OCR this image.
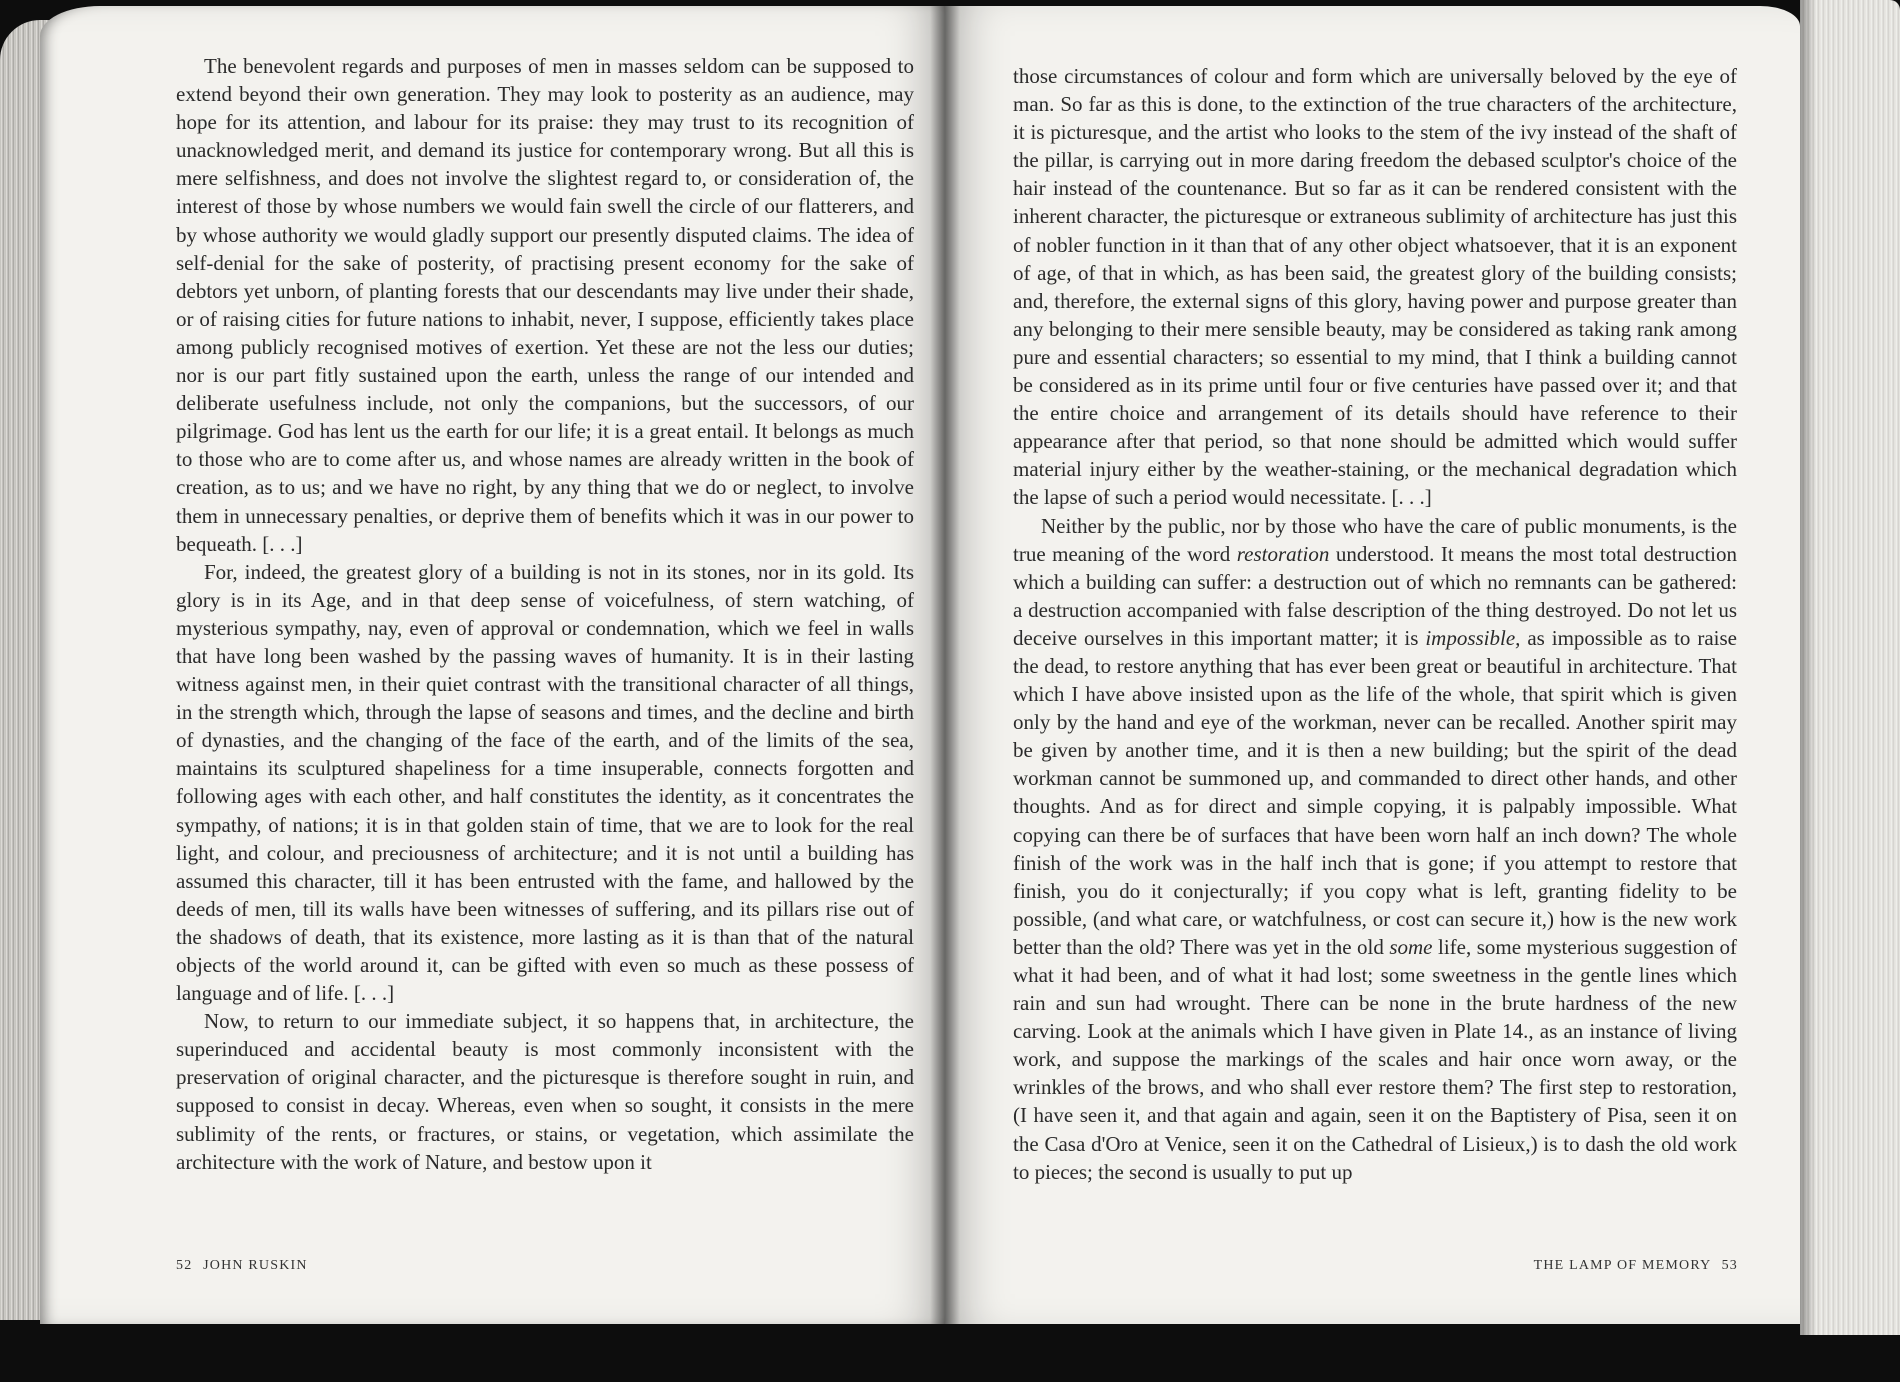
The benevolent regards and purposes of men in masses seldom can be supposed to extend beyond their own generation. They may look to posterity as an audience, may hope for its attention, and labour for its praise: they may trust to its recognition of unacknowledged merit, and demand its justice for contemporary wrong. But all this is mere selfishness, and does not involve the slightest regard to, or consideration of, the interest of those by whose numbers we would fain swell the circle of our flatterers, and by whose authority we would gladly support our presently disputed claims. The idea of self-denial for the sake of posterity, of practising present economy for the sake of debtors yet unborn, of planting forests that our descendants may live under their shade, or of raising cities for future nations to inhabit, never, I suppose, efficiently takes place among publicly recognised motives of exertion. Yet these are not the less our duties; nor is our part fitly sustained upon the earth, unless the range of our intended and deliberate usefulness include, not only the companions, but the successors, of our pilgrimage. God has lent us the earth for our life; it is a great entail. It belongs as much to those who are to come after us, and whose names are already written in the book of creation, as to us; and we have no right, by any thing that we do or neglect, to involve them in unnecessary penalties, or deprive them of benefits which it was in our power to bequeath. [. . .]

For, indeed, the greatest glory of a building is not in its stones, nor in its gold. Its glory is in its Age, and in that deep sense of voicefulness, of stern watching, of mysterious sympathy, nay, even of approval or condemnation, which we feel in walls that have long been washed by the passing waves of humanity. It is in their lasting witness against men, in their quiet contrast with the transitional character of all things, in the strength which, through the lapse of seasons and times, and the decline and birth of dynasties, and the changing of the face of the earth, and of the limits of the sea, maintains its sculptured shapeliness for a time insuperable, connects forgotten and following ages with each other, and half constitutes the identity, as it concentrates the sympathy, of nations; it is in that golden stain of time, that we are to look for the real light, and colour, and preciousness of architecture; and it is not until a building has assumed this character, till it has been entrusted with the fame, and hallowed by the deeds of men, till its walls have been witnesses of suffering, and its pillars rise out of the shadows of death, that its existence, more lasting as it is than that of the natural objects of the world around it, can be gifted with even so much as these possess of language and of life. [. . .]

Now, to return to our immediate subject, it so happens that, in architecture, the superinduced and accidental beauty is most commonly inconsistent with the preservation of original character, and the picturesque is therefore sought in ruin, and supposed to consist in decay. Whereas, even when so sought, it consists in the mere sublimity of the rents, or fractures, or stains, or vegetation, which assimilate the architecture with the work of Nature, and bestow upon it

52 JOHN RUSKIN

those circumstances of colour and form which are universally beloved by the eye of man. So far as this is done, to the extinction of the true characters of the architecture, it is picturesque, and the artist who looks to the stem of the ivy instead of the shaft of the pillar, is carrying out in more daring freedom the debased sculptor's choice of the hair instead of the countenance. But so far as it can be rendered consistent with the inherent character, the picturesque or extraneous sublimity of architecture has just this of nobler function in it than that of any other object whatsoever, that it is an exponent of age, of that in which, as has been said, the greatest glory of the building consists; and, therefore, the external signs of this glory, having power and purpose greater than any belonging to their mere sensible beauty, may be considered as taking rank among pure and essential characters; so essential to my mind, that I think a building cannot be considered as in its prime until four or five centuries have passed over it; and that the entire choice and arrangement of its details should have reference to their appearance after that period, so that none should be admitted which would suffer material injury either by the weather-staining, or the mechanical degradation which the lapse of such a period would necessitate. [. . .]

Neither by the public, nor by those who have the care of public monuments, is the true meaning of the word restoration understood. It means the most total destruction which a building can suffer: a destruction out of which no remnants can be gathered: a destruction accompanied with false description of the thing destroyed. Do not let us deceive ourselves in this important matter; it is impossible, as impossible as to raise the dead, to restore anything that has ever been great or beautiful in architecture. That which I have above insisted upon as the life of the whole, that spirit which is given only by the hand and eye of the workman, never can be recalled. Another spirit may be given by another time, and it is then a new building; but the spirit of the dead workman cannot be summoned up, and commanded to direct other hands, and other thoughts. And as for direct and simple copying, it is palpably impossible. What copying can there be of surfaces that have been worn half an inch down? The whole finish of the work was in the half inch that is gone; if you attempt to restore that finish, you do it conjecturally; if you copy what is left, granting fidelity to be possible, (and what care, or watchfulness, or cost can secure it,) how is the new work better than the old? There was yet in the old some life, some mysterious suggestion of what it had been, and of what it had lost; some sweetness in the gentle lines which rain and sun had wrought. There can be none in the brute hardness of the new carving. Look at the animals which I have given in Plate 14., as an instance of living work, and suppose the markings of the scales and hair once worn away, or the wrinkles of the brows, and who shall ever restore them? The first step to restoration, (I have seen it, and that again and again, seen it on the Baptistery of Pisa, seen it on the Casa d'Oro at Venice, seen it on the Cathedral of Lisieux,) is to dash the old work to pieces; the second is usually to put up

THE LAMP OF MEMORY 53
